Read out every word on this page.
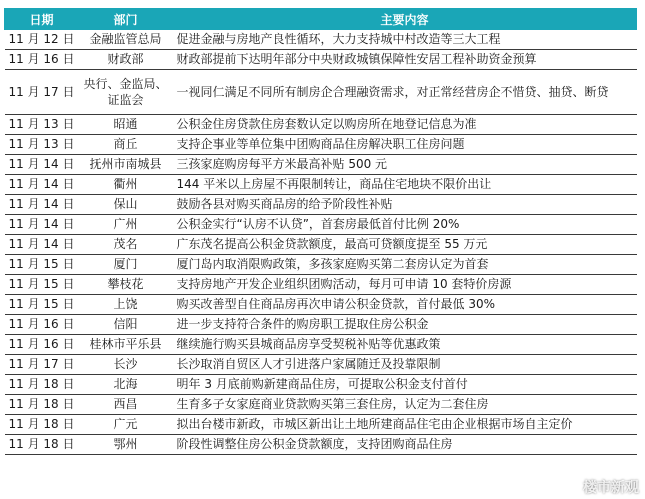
日期	部门	主要内容
11 月 12 日	金融监管总局	促进金融与房地产良性循环，大力支持城中村改造等三大工程
11 月 16 日	财政部	财政部提前下达明年部分中央财政城镇保障性安居工程补助资金预算
11 月 17 日	央行、金监局、证监会	一视同仁满足不同所有制房企合理融资需求，对正常经营房企不惜贷、抽贷、断贷
11 月 13 日	昭通	公积金住房贷款住房套数认定以购房所在地登记信息为准
11 月 13 日	商丘	支持企事业等单位集中团购商品住房解决职工住房问题
11 月 14 日	抚州市南城县	三孩家庭购房每平方米最高补贴 500 元
11 月 14 日	衢州	144 平米以上房屋不再限制转让，商品住宅地块不限价出让
11 月 14 日	保山	鼓励各县对购买商品房的给予阶段性补贴
11 月 14 日	广州	公积金实行“认房不认贷”，首套房最低首付比例 20%
11 月 14 日	茂名	广东茂名提高公积金贷款额度，最高可贷额度提至 55 万元
11 月 15 日	厦门	厦门岛内取消限购政策，多孩家庭购买第二套房认定为首套
11 月 15 日	攀枝花	支持房地产开发企业组织团购活动，每月可申请 10 套特价房源
11 月 15 日	上饶	购买改善型自住商品房再次申请公积金贷款，首付最低 30%
11 月 16 日	信阳	进一步支持符合条件的购房职工提取住房公积金
11 月 16 日	桂林市平乐县	继续施行购买县城商品房享受契税补贴等优惠政策
11 月 17 日	长沙	长沙取消自贸区人才引进落户家属随迁及投靠限制
11 月 18 日	北海	明年 3 月底前购新建商品住房，可提取公积金支付首付
11 月 18 日	西昌	生育多子女家庭商业贷款购买第三套住房，认定为二套住房
11 月 18 日	广元	拟出台楼市新政，市城区新出让土地所建商品住宅由企业根据市场自主定价
11 月 18 日	鄂州	阶段性调整住房公积金贷款额度，支持团购商品住房
楼市新观
